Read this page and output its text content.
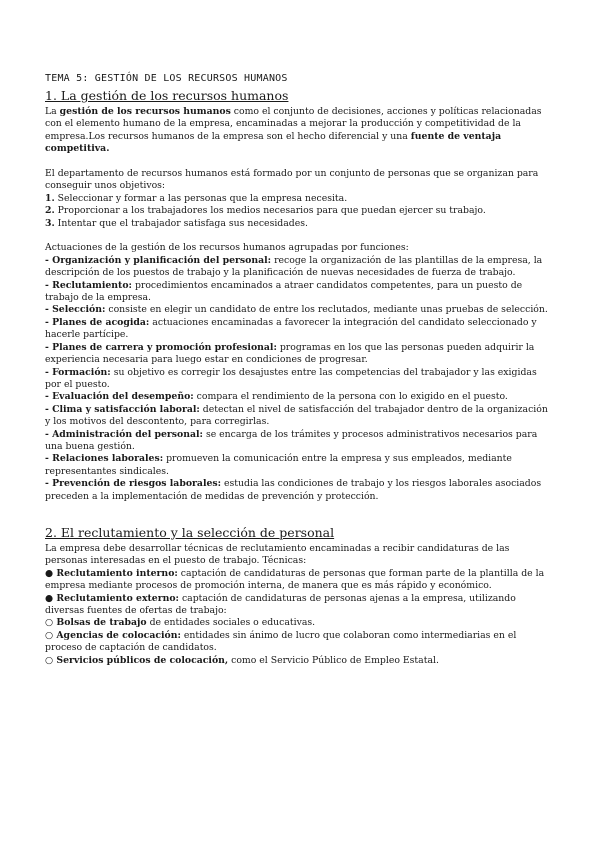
TEMA 5: GESTIÓN DE LOS RECURSOS HUMANOS
1. La gestión de los recursos humanos

La gestión de los recursos humanos como el conjunto de decisiones, acciones y políticas relacionadas con el elemento humano de la empresa, encaminadas a mejorar la producción y competitividad de la empresa.Los recursos humanos de la empresa son el hecho diferencial y una fuente de ventaja competitiva.

El departamento de recursos humanos está formado por un conjunto de personas que se organizan para conseguir unos objetivos:

1. Seleccionar y formar a las personas que la empresa necesita.

2. Proporcionar a los trabajadores los medios necesarios para que puedan ejercer su trabajo.

3. Intentar que el trabajador satisfaga sus necesidades.

Actuaciones de la gestión de los recursos humanos agrupadas por funciones:

- Organización y planificación del personal: recoge la organización de las plantillas de la empresa, la descripción de los puestos de trabajo y la planificación de nuevas necesidades de fuerza de trabajo.

- Reclutamiento: procedimientos encaminados a atraer candidatos competentes, para un puesto de trabajo de la empresa.

- Selección: consiste en elegir un candidato de entre los reclutados, mediante unas pruebas de selección.

- Planes de acogida: actuaciones encaminadas a favorecer la integración del candidato seleccionado y hacerle partícipe.

- Planes de carrera y promoción profesional: programas en los que las personas pueden adquirir la experiencia necesaria para luego estar en condiciones de progresar.

- Formación: su objetivo es corregir los desajustes entre las competencias del trabajador y las exigidas por el puesto.

- Evaluación del desempeño: compara el rendimiento de la persona con lo exigido en el puesto.

- Clima y satisfacción laboral: detectan el nivel de satisfacción del trabajador dentro de la organización y los motivos del descontento, para corregirlas.

- Administración del personal: se encarga de los trámites y procesos administrativos necesarios para una buena gestión.

- Relaciones laborales: promueven la comunicación entre la empresa y sus empleados, mediante representantes sindicales.

- Prevención de riesgos laborales: estudia las condiciones de trabajo y los riesgos laborales asociados preceden a la implementación de medidas de prevención y protección.

2. El reclutamiento y la selección de personal

La empresa debe desarrollar técnicas de reclutamiento encaminadas a recibir candidaturas de las personas interesadas en el puesto de trabajo. Técnicas:

● Reclutamiento interno: captación de candidaturas de personas que forman parte de la plantilla de la empresa mediante procesos de promoción interna, de manera que es más rápido y económico.

● Reclutamiento externo: captación de candidaturas de personas ajenas a la empresa, utilizando diversas fuentes de ofertas de trabajo:

○ Bolsas de trabajo de entidades sociales o educativas.

○ Agencias de colocación: entidades sin ánimo de lucro que colaboran como intermediarias en el proceso de captación de candidatos.

○ Servicios públicos de colocación, como el Servicio Público de Empleo Estatal.
